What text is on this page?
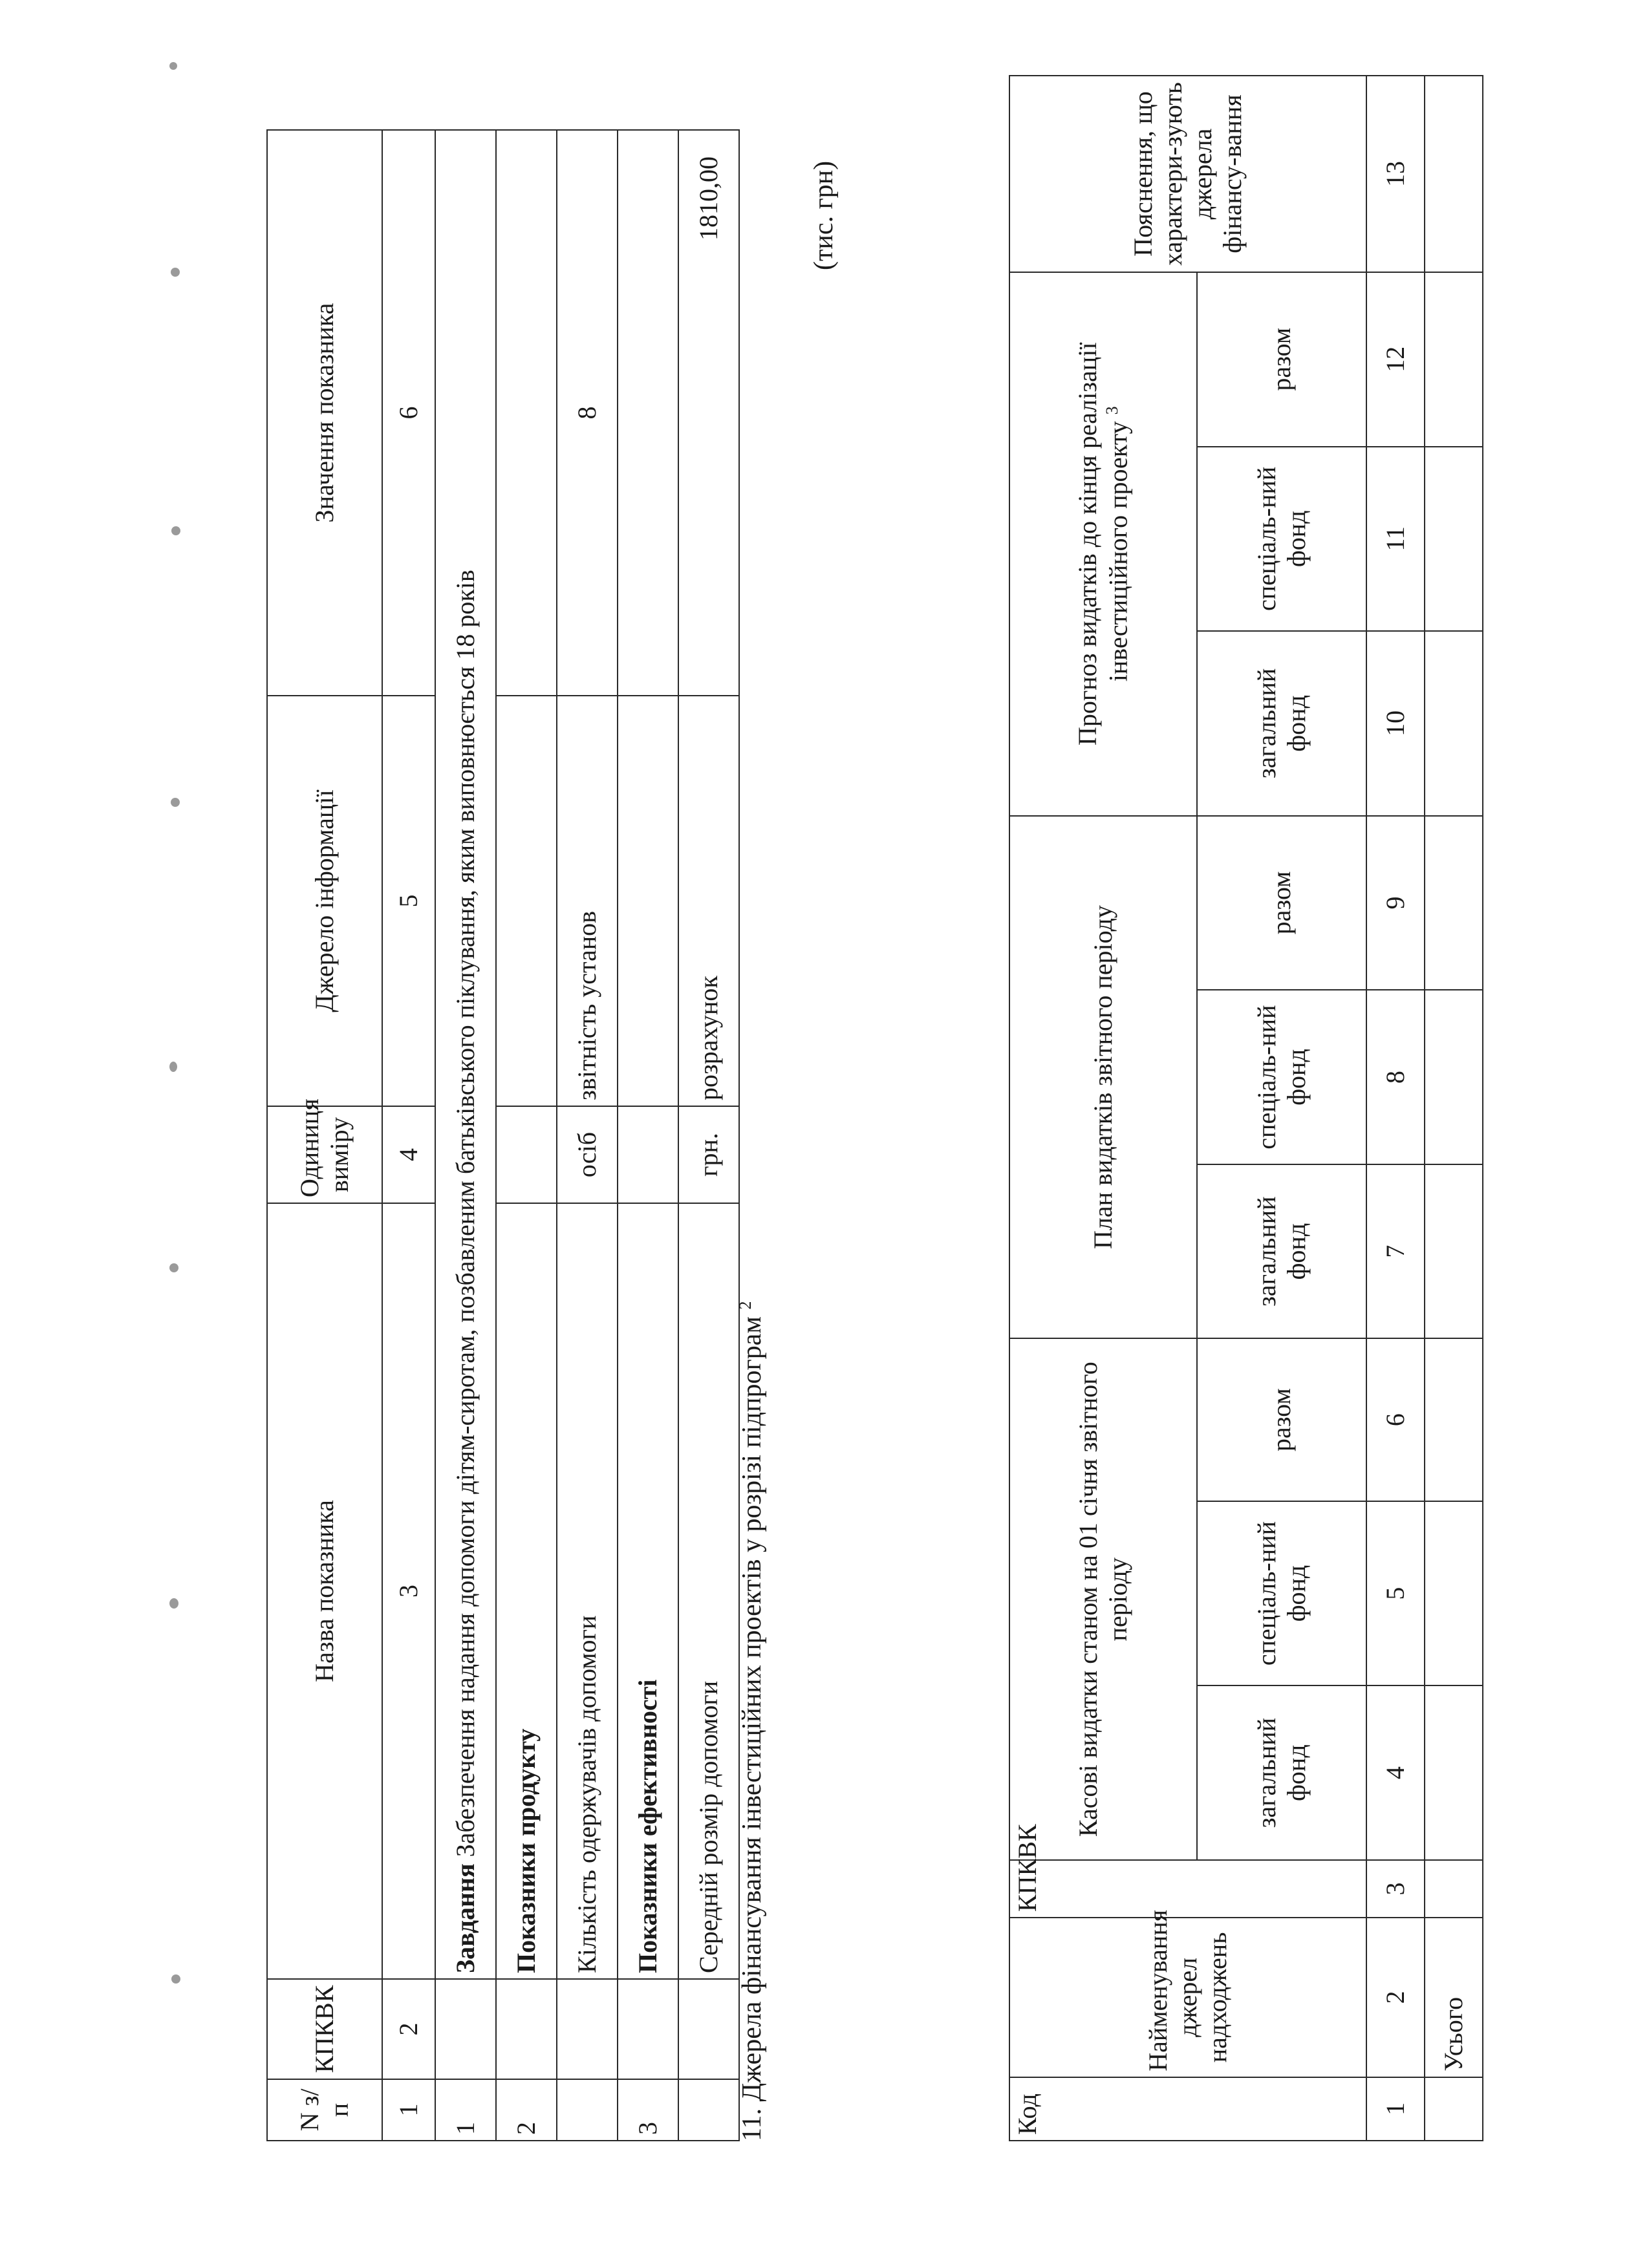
N з/п	КПКВК	Назва показника	Одиниця виміру	Джерело інформації	Значення показника
1	2	3	4	5	6
1		Завдання Забезпечення надання допомоги дітям-сиротам, позбавленим батьківського піклування, яким виповнюється 18 років			
2		Показники продукту			
		Кількість одержувачів допомоги	осіб	звітність установ	8
3		Показники ефективності			
		Середній розмір допомоги	грн.	розрахунок	1810,00
11. Джерела фінансування інвестиційних проектів у розрізі підпрограм $^2$
(тис. грн)
Код	Найменування джерел надходжень	КПКВК	Касові видатки станом на 01 січня звітного періоду			План видатків звітного періоду			Прогноз видатків до кінця реалізації інвестиційного проекту $^3$			Пояснення, що характери-зують джерела фінансу-вання
			загальний фонд	спеціаль-ний фонд	разом	загальний фонд	спеціаль-ний фонд	разом	загальний фонд	спеціаль-ний фонд	разом	
1	2	3	4	5	6	7	8	9	10	11	12	13
	Усього											
